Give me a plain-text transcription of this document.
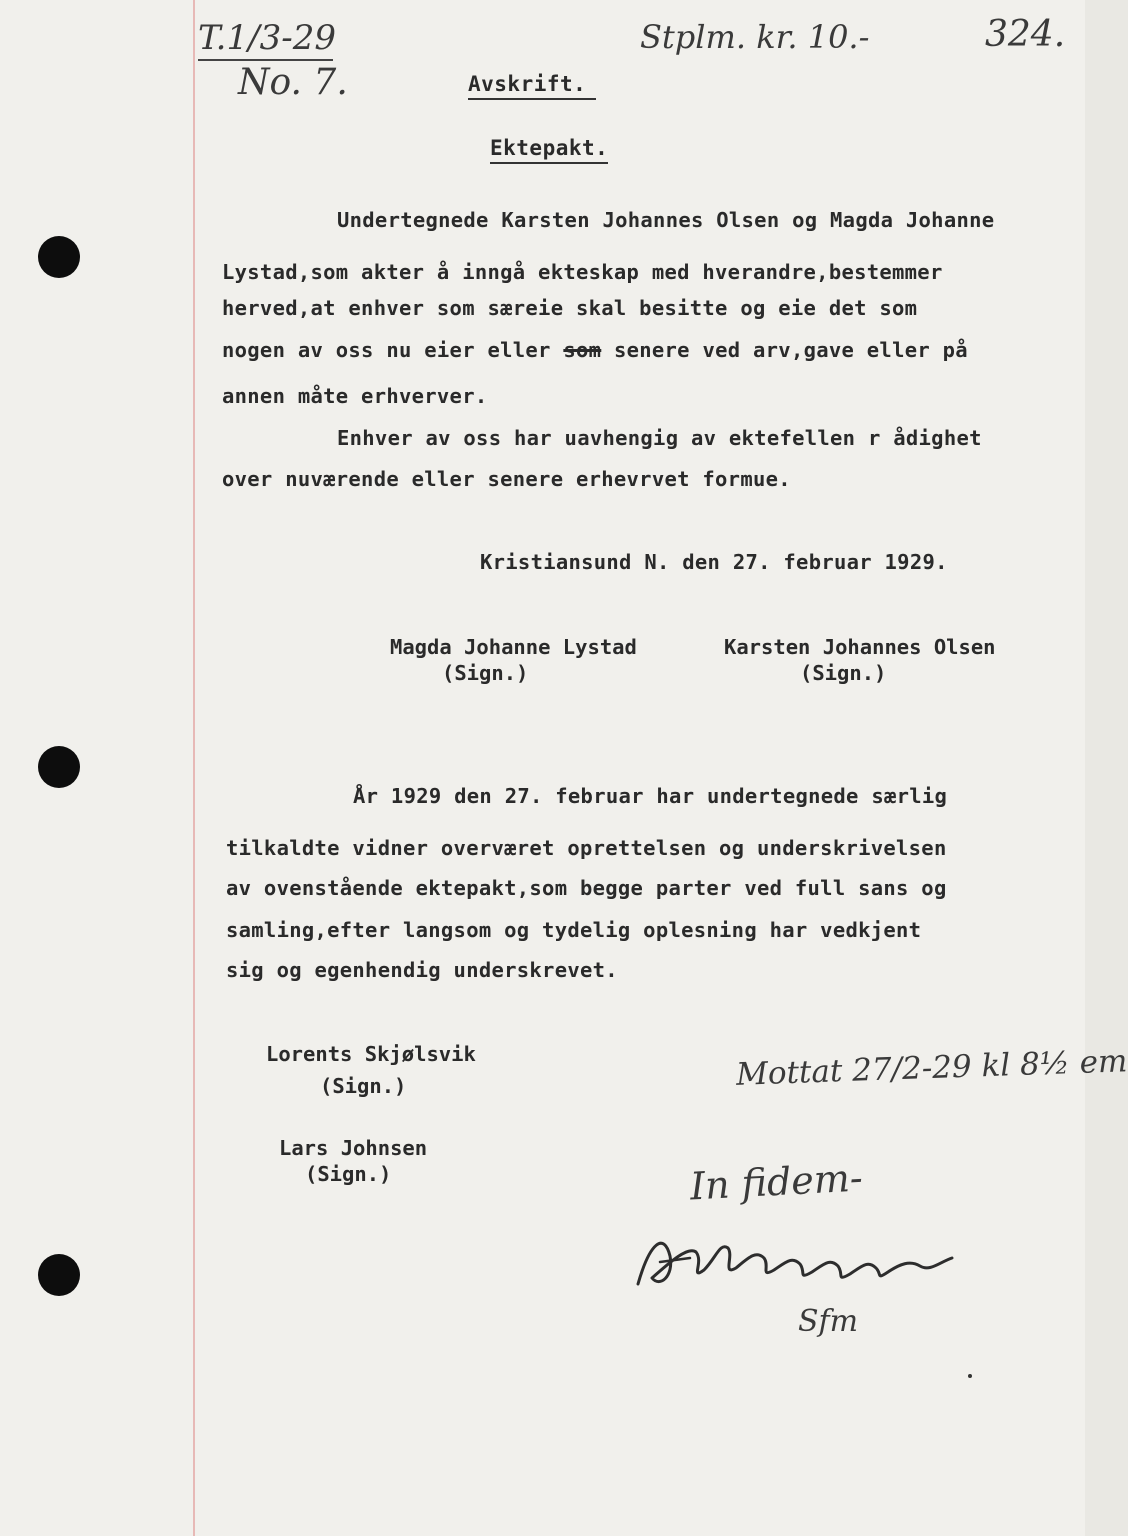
T.1/3-29
No. 7.
Stplm. kr. 10.-	324.
Avskrift.
Ektepakt.
Undertegnede Karsten Johannes Olsen og Magda Johanne
Lystad,som akter å inngå ekteskap med hverandre,bestemmer
herved,at enhver som særeie skal besitte og eie det som
nogen av oss nu eier eller som senere ved arv,gave eller på
annen måte erhverver.
Enhver av oss har uavhengig av ektefellen r ådighet
over nuværende eller senere erhevrvet formue.
Kristiansund N. den 27. februar 1929.
Magda Johanne Lystad
(Sign.)
Karsten Johannes Olsen
(Sign.)
År 1929 den 27. februar har undertegnede særlig
tilkaldte vidner overværet oprettelsen og underskrivelsen
av ovenstående ektepakt,som begge parter ved full sans og
samling,efter langsom og tydelig oplesning har vedkjent
sig og egenhendig underskrevet.
Lorents Skjølsvik
(Sign.)
Lars Johnsen
(Sign.)
Mottat 27/2-29 kl 8½ em
In fidem-
Sfm
